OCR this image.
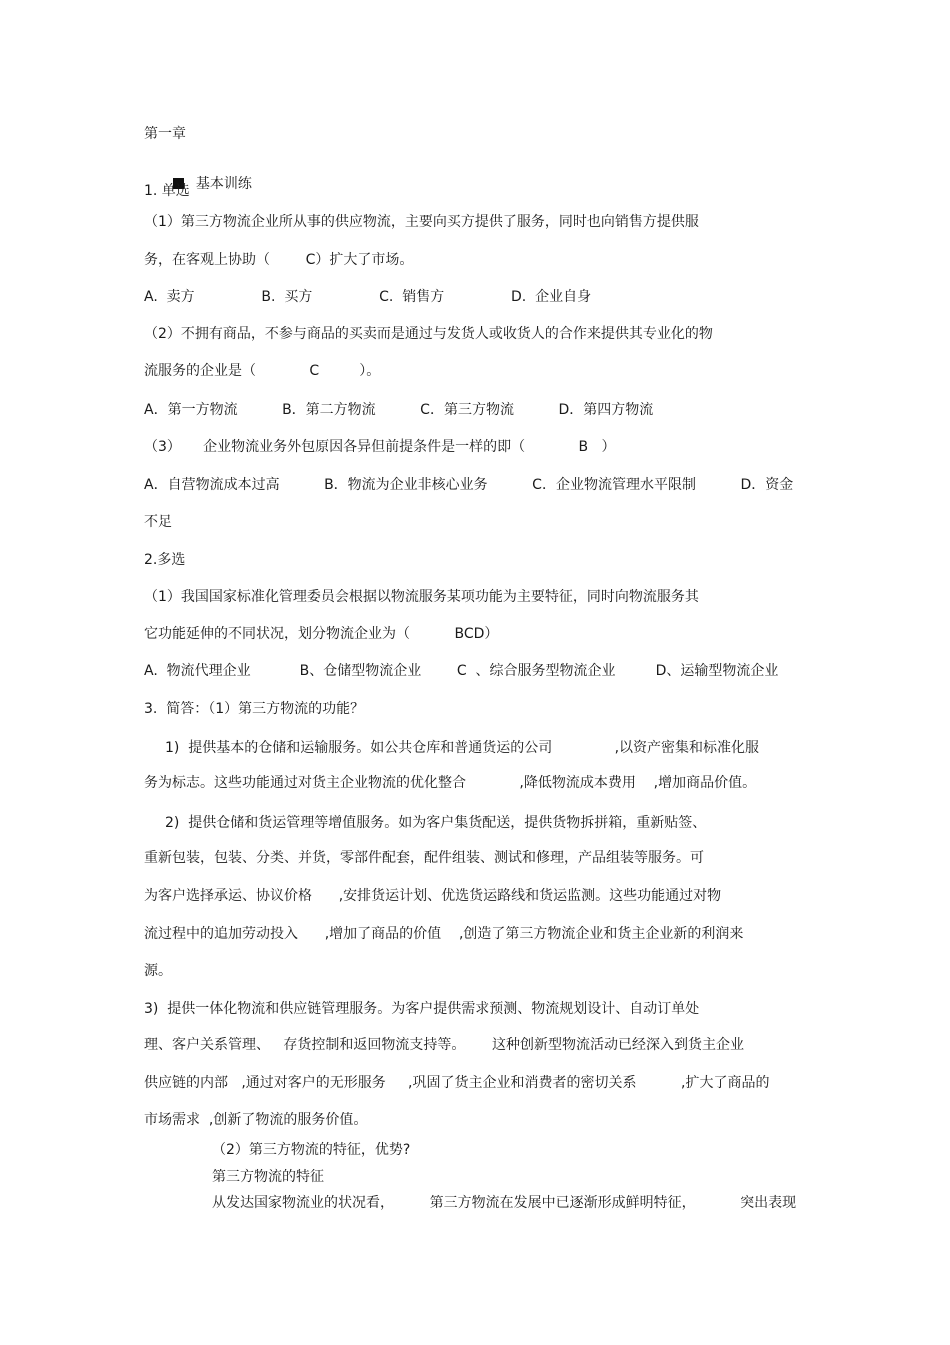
第一章

基本训练

1. 单选
（1）第三方物流企业所从事的供应物流，主要向买方提供了服务，同时也向销售方提供服
务，在客观上协助（        C）扩大了市场。
A.  卖方               B.  买方               C.  销售方               D.  企业自身
（2）不拥有商品，不参与商品的买卖而是通过与发货人或收货人的合作来提供其专业化的物
流服务的企业是（            C         ）。
A．第一方物流          B．第二方物流          C．第三方物流          D．第四方物流
（3）     企业物流业务外包原因各异但前提条件是一样的即（            B   ）
A．自营物流成本过高          B．物流为企业非核心业务          C．企业物流管理水平限制          D．资金
不足
2.多选
（1）我国国家标准化管理委员会根据以物流服务某项功能为主要特征，同时向物流服务其
它功能延伸的不同状况，划分物流企业为（          BCD）
A.  物流代理企业           B、仓储型物流企业        C  、综合服务型物流企业         D、运输型物流企业
3.  简答：（1）第三方物流的功能？
1)  提供基本的仓储和运输服务。如公共仓库和普通货运的公司              ,以资产密集和标准化服
务为标志。这些功能通过对货主企业物流的优化整合            ,降低物流成本费用    ,增加商品价值。
2)  提供仓储和货运管理等增值服务。如为客户集货配送，提供货物拆拼箱，重新贴签、
重新包装，包装、分类、并货，零部件配套，配件组装、测试和修理，产品组装等服务。可
为客户选择承运、协议价格      ,安排货运计划、优选货运路线和货运监测。这些功能通过对物
流过程中的追加劳动投入      ,增加了商品的价值    ,创造了第三方物流企业和货主企业新的利润来
源。
3)  提供一体化物流和供应链管理服务。为客户提供需求预测、物流规划设计、自动订单处
理、客户关系管理、   存货控制和返回物流支持等。      这种创新型物流活动已经深入到货主企业
供应链的内部   ,通过对客户的无形服务     ,巩固了货主企业和消费者的密切关系          ,扩大了商品的
市场需求  ,创新了物流的服务价值。
（2）第三方物流的特征，优势?
第三方物流的特征
从发达国家物流业的状况看，        第三方物流在发展中已逐渐形成鲜明特征，          突出表现
